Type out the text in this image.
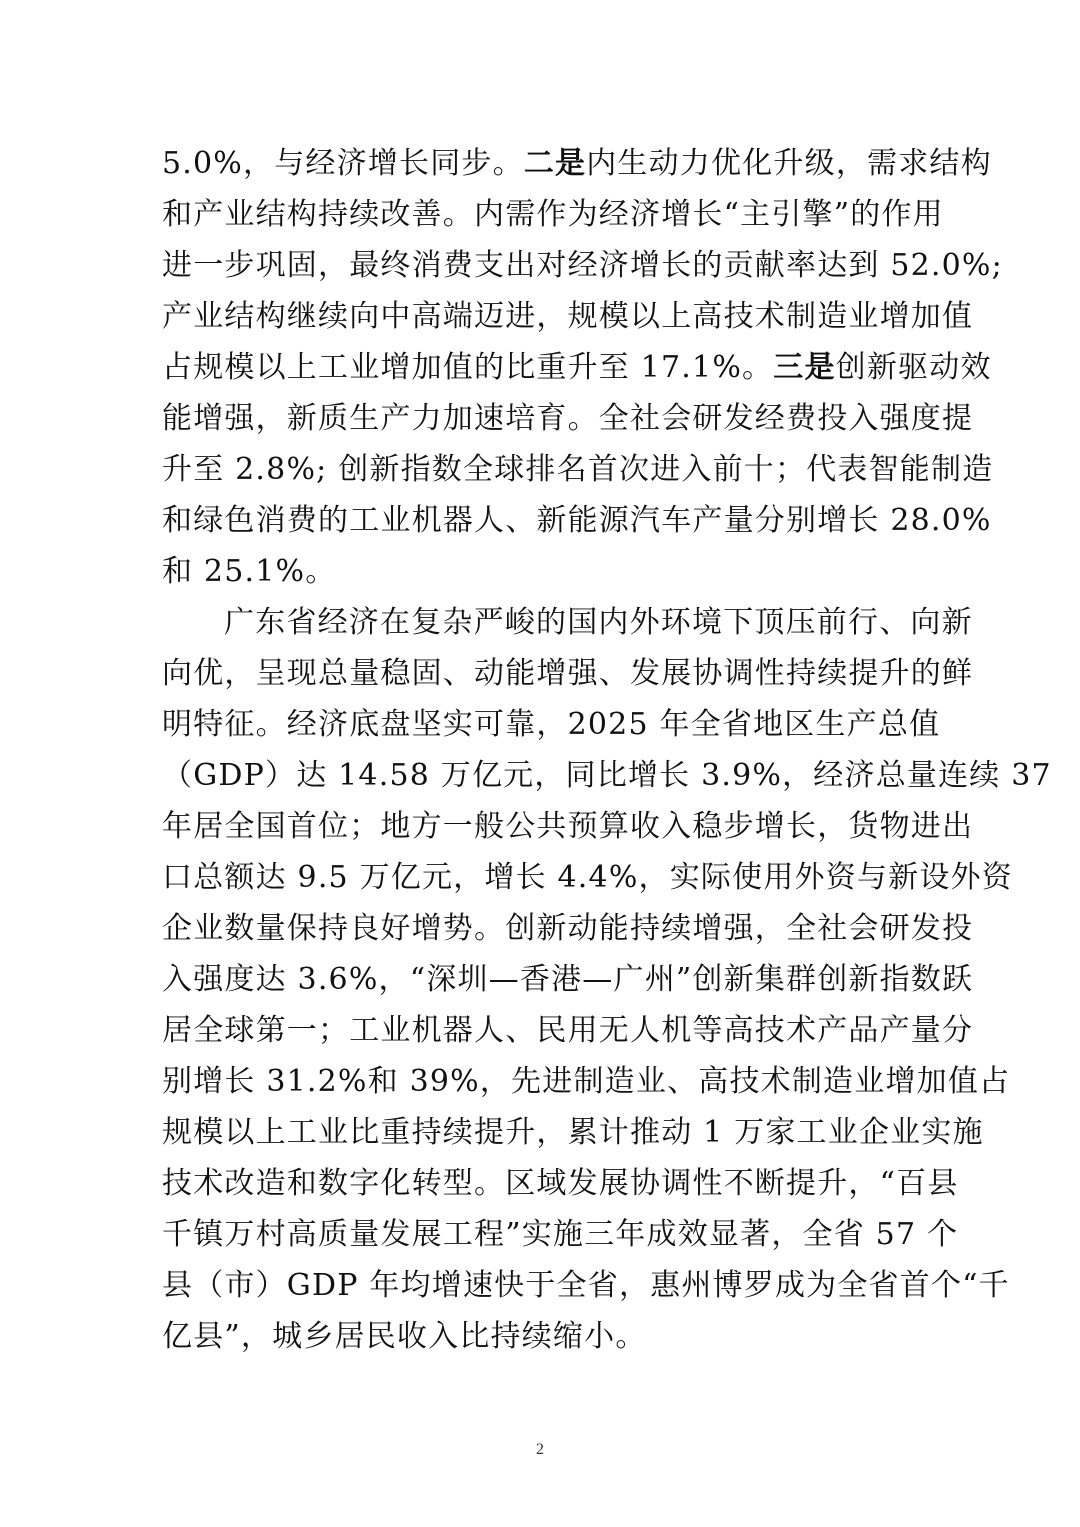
5.0%，与经济增长同步。二是内生动力优化升级，需求结构
和产业结构持续改善。内需作为经济增长“主引擎”的作用
进一步巩固，最终消费支出对经济增长的贡献率达到 52.0%;
产业结构继续向中高端迈进，规模以上高技术制造业增加值
占规模以上工业增加值的比重升至 17.1%。三是创新驱动效
能增强，新质生产力加速培育。全社会研发经费投入强度提
升至 2.8%; 创新指数全球排名首次进入前十；代表智能制造
和绿色消费的工业机器人、新能源汽车产量分别增长 28.0%
和 25.1%。
广东省经济在复杂严峻的国内外环境下顶压前行、向新
向优，呈现总量稳固、动能增强、发展协调性持续提升的鲜
明特征。经济底盘坚实可靠，2025 年全省地区生产总值
（GDP）达 14.58 万亿元，同比增长 3.9%，经济总量连续 37
年居全国首位；地方一般公共预算收入稳步增长，货物进出
口总额达 9.5 万亿元，增长 4.4%，实际使用外资与新设外资
企业数量保持良好增势。创新动能持续增强，全社会研发投
入强度达 3.6%，“深圳—香港—广州”创新集群创新指数跃
居全球第一；工业机器人、民用无人机等高技术产品产量分
别增长 31.2%和 39%，先进制造业、高技术制造业增加值占
规模以上工业比重持续提升，累计推动 1 万家工业企业实施
技术改造和数字化转型。区域发展协调性不断提升，“百县
千镇万村高质量发展工程”实施三年成效显著，全省 57 个
县（市）GDP 年均增速快于全省，惠州博罗成为全省首个“千
亿县”，城乡居民收入比持续缩小。
2
